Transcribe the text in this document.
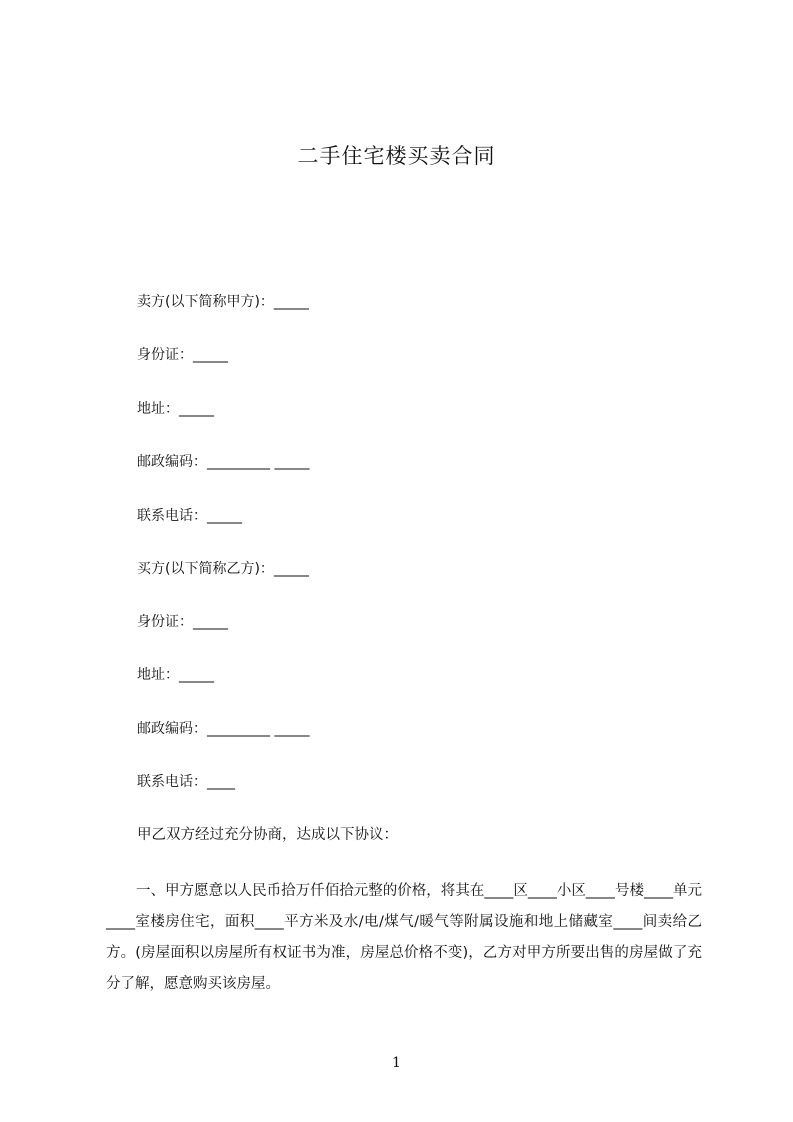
二手住宅楼买卖合同
卖方(以下简称甲方)：_____
身份证：_____
地址：_____
邮政编码：_________ _____
联系电话：_____
买方(以下简称乙方)：_____
身份证：_____
地址：_____
邮政编码：_________ _____
联系电话：____
甲乙双方经过充分协商，达成以下协议：
一、甲方愿意以人民币拾万仟佰拾元整的价格，将其在____区____小区____号楼____单元____室楼房住宅，面积____平方米及水/电/煤气/暖气等附属设施和地上储藏室____间卖给乙方。(房屋面积以房屋所有权证书为准，房屋总价格不变)，乙方对甲方所要出售的房屋做了充分了解，愿意购买该房屋。
1
